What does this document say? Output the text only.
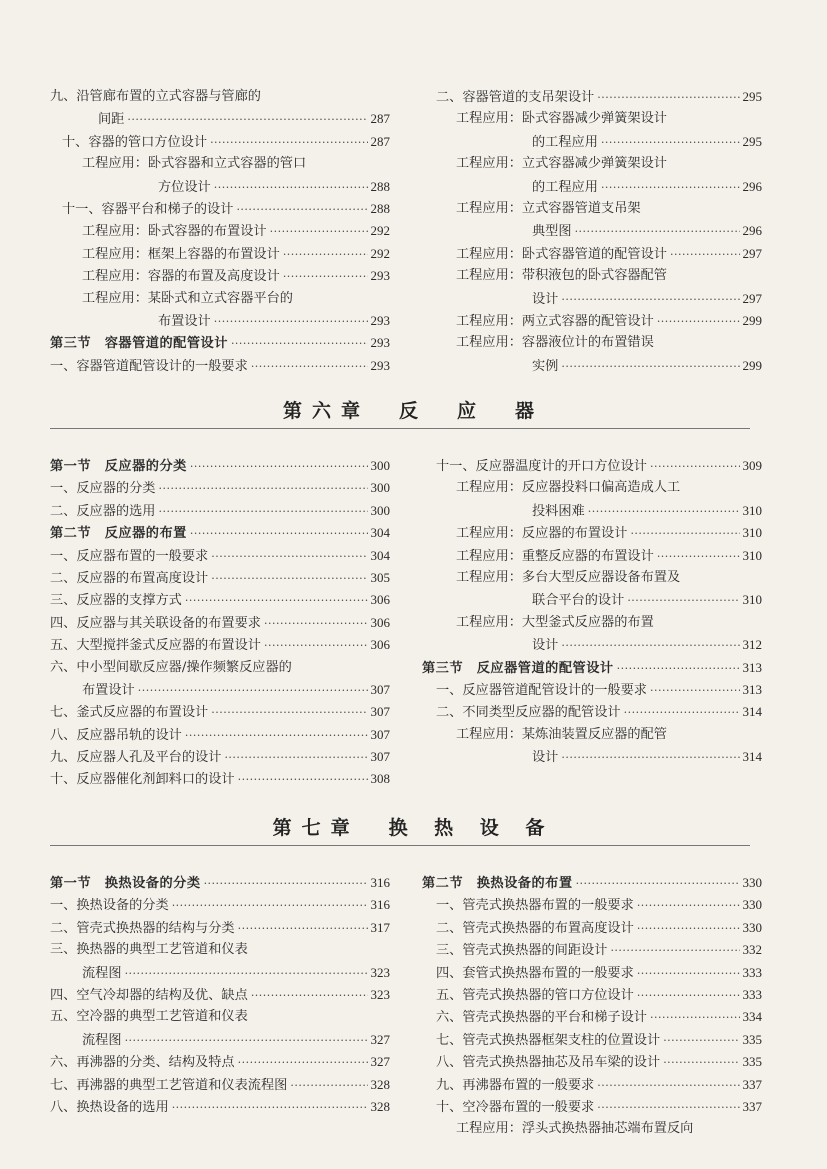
九、沿管廊布置的立式容器与管廊的
间距 ·····	287
十、容器的管口方位设计 ·····	287
工程应用：卧式容器和立式容器的管口
方位设计 ·····	288
十一、容器平台和梯子的设计 ·····	288
工程应用：卧式容器的布置设计 ·····	292
工程应用：框架上容器的布置设计 ·····	292
工程应用：容器的布置及高度设计 ·····	293
工程应用：某卧式和立式容器平台的
布置设计 ·····	293
第三节　容器管道的配管设计 ·····	293
一、容器管道配管设计的一般要求 ·····	293
二、容器管道的支吊架设计 ·····	295
工程应用：卧式容器减少弹簧架设计
的工程应用 ·····	295
工程应用：立式容器减少弹簧架设计
的工程应用 ·····	296
工程应用：立式容器管道支吊架
典型图 ·····	296
工程应用：卧式容器管道的配管设计 ·····	297
工程应用：带积液包的卧式容器配管
设计 ·····	297
工程应用：两立式容器的配管设计 ·····	299
工程应用：容器液位计的布置错误
实例 ·····	299
第六章　反　应　器
第一节　反应器的分类 ·····	300
一、反应器的分类 ·····	300
二、反应器的选用 ·····	300
第二节　反应器的布置 ·····	304
一、反应器布置的一般要求 ·····	304
二、反应器的布置高度设计 ·····	305
三、反应器的支撑方式 ·····	306
四、反应器与其关联设备的布置要求 ·····	306
五、大型搅拌釜式反应器的布置设计 ·····	306
六、中小型间歇反应器/操作频繁反应器的
布置设计 ·····	307
七、釜式反应器的布置设计 ·····	307
八、反应器吊轨的设计 ·····	307
九、反应器人孔及平台的设计 ·····	307
十、反应器催化剂卸料口的设计 ·····	308
十一、反应器温度计的开口方位设计 ·····	309
工程应用：反应器投料口偏高造成人工
投料困难 ·····	310
工程应用：反应器的布置设计 ·····	310
工程应用：重整反应器的布置设计 ·····	310
工程应用：多台大型反应器设备布置及
联合平台的设计 ·····	310
工程应用：大型釜式反应器的布置
设计 ·····	312
第三节　反应器管道的配管设计 ·····	313
一、反应器管道配管设计的一般要求 ·····	313
二、不同类型反应器的配管设计 ·····	314
工程应用：某炼油装置反应器的配管
设计 ·····	314
第七章　换 热 设 备
第一节　换热设备的分类 ·····	316
一、换热设备的分类 ·····	316
二、管壳式换热器的结构与分类 ·····	317
三、换热器的典型工艺管道和仪表
流程图 ·····	323
四、空气冷却器的结构及优、缺点 ·····	323
五、空冷器的典型工艺管道和仪表
流程图 ·····	327
六、再沸器的分类、结构及特点 ·····	327
七、再沸器的典型工艺管道和仪表流程图 ·····	328
八、换热设备的选用 ·····	328
第二节　换热设备的布置 ·····	330
一、管壳式换热器布置的一般要求 ·····	330
二、管壳式换热器的布置高度设计 ·····	330
三、管壳式换热器的间距设计 ·····	332
四、套管式换热器布置的一般要求 ·····	333
五、管壳式换热器的管口方位设计 ·····	333
六、管壳式换热器的平台和梯子设计 ·····	334
七、管壳式换热器框架支柱的位置设计 ·····	335
八、管壳式换热器抽芯及吊车梁的设计 ·····	335
九、再沸器布置的一般要求 ·····	337
十、空冷器布置的一般要求 ·····	337
工程应用：浮头式换热器抽芯端布置反向
